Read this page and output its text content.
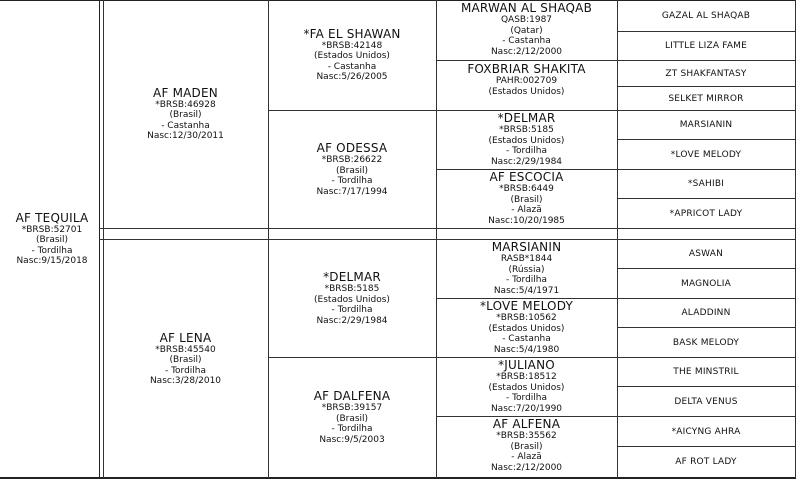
AF TEQUILA
*BRSB:52701
(Brasil)
- Tordilha
Nasc:9/15/2018
AF MADEN
*BRSB:46928
(Brasil)
- Castanha
Nasc:12/30/2011
AF LENA
*BRSB:45540
(Brasil)
- Tordilha
Nasc:3/28/2010
*FA EL SHAWAN
*BRSB:42148
(Estados Unidos)
- Castanha
Nasc:5/26/2005
AF ODESSA
*BRSB:26622
(Brasil)
- Tordilha
Nasc:7/17/1994
*DELMAR
*BRSB:5185
(Estados Unidos)
- Tordilha
Nasc:2/29/1984
AF DALFENA
*BRSB:39157
(Brasil)
- Tordilha
Nasc:9/5/2003
MARWAN AL SHAQAB
QASB:1987
(Qatar)
- Castanha
Nasc:2/12/2000
FOXBRIAR SHAKITA
PAHR:002709
(Estados Unidos)
*DELMAR
*BRSB:5185
(Estados Unidos)
- Tordilha
Nasc:2/29/1984
AF ESCOCIA
*BRSB:6449
(Brasil)
- Alazã
Nasc:10/20/1985
MARSIANIN
RASB*1844
(Rússia)
- Tordilha
Nasc:5/4/1971
*LOVE MELODY
*BRSB:10562
(Estados Unidos)
- Castanha
Nasc:5/4/1980
*JULIANO
*BRSB:18512
(Estados Unidos)
- Tordilha
Nasc:7/20/1990
AF ALFENA
*BRSB:35562
(Brasil)
- Alazã
Nasc:2/12/2000
GAZAL AL SHAQAB
LITTLE LIZA FAME
ZT SHAKFANTASY
SELKET MIRROR
MARSIANIN
*LOVE MELODY
*SAHIBI
*APRICOT LADY
ASWAN
MAGNOLIA
ALADDINN
BASK MELODY
THE MINSTRIL
DELTA VENUS
*AICYNG AHRA
AF ROT LADY
